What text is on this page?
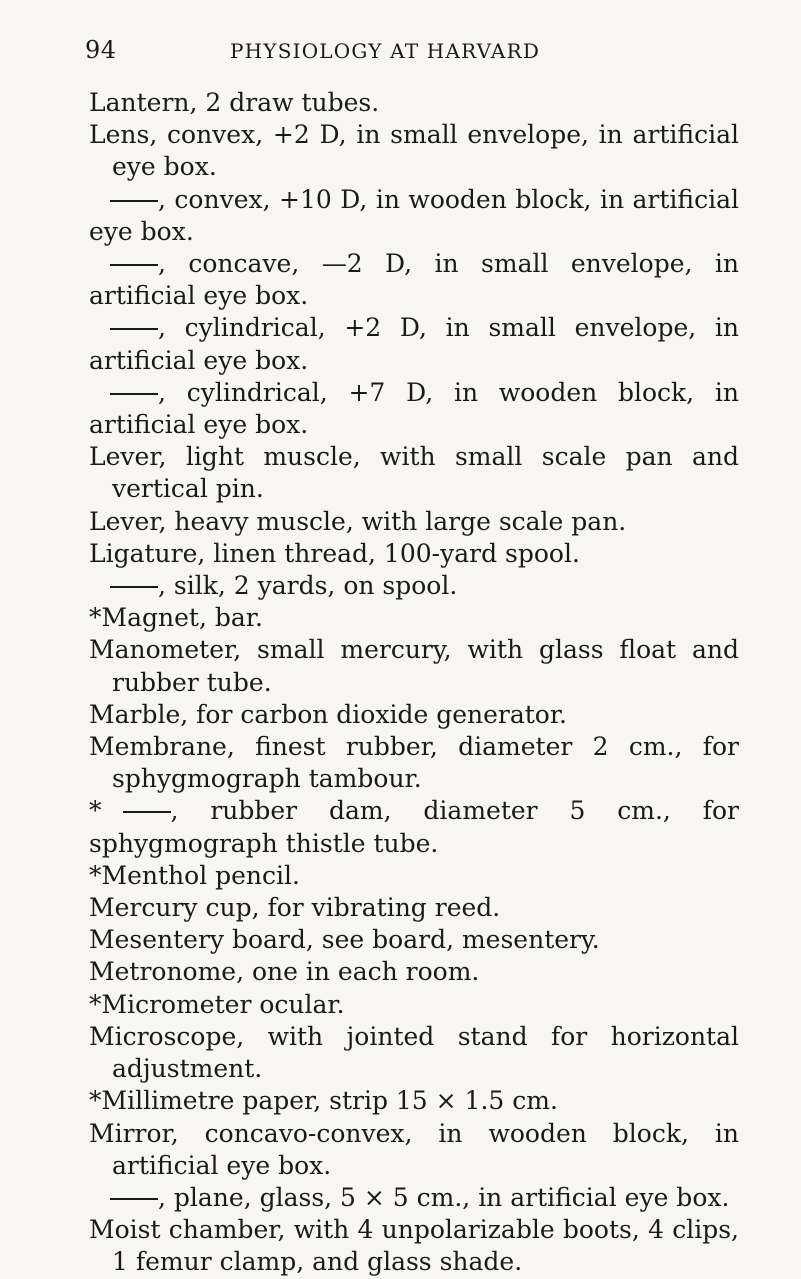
94	PHYSIOLOGY AT HARVARD

Lantern, 2 draw tubes.

Lens, convex, +2 D, in small envelope, in artificial eye box.

, convex, +10 D, in wooden block, in artificial eye box.

, concave, —2 D, in small envelope, in artificial eye box.

, cylindrical, +2 D, in small envelope, in artificial eye box.

, cylindrical, +7 D, in wooden block, in artificial eye box.

Lever, light muscle, with small scale pan and vertical pin.

Lever, heavy muscle, with large scale pan.

Ligature, linen thread, 100-yard spool.

, silk, 2 yards, on spool.

*Magnet, bar.

Manometer, small mercury, with glass float and rubber tube.

Marble, for carbon dioxide generator.

Membrane, finest rubber, diameter 2 cm., for sphygmograph tambour.

*	, rubber dam, diameter 5 cm., for sphygmograph thistle tube.

*Menthol pencil.

Mercury cup, for vibrating reed.

Mesentery board, see board, mesentery.

Metronome, one in each room.

*Micrometer ocular.

Microscope, with jointed stand for horizontal adjustment.

*Millimetre paper, strip 15 × 1.5 cm.

Mirror, concavo-convex, in wooden block, in artificial eye box.

, plane, glass, 5 × 5 cm., in artificial eye box.

Moist chamber, with 4 unpolarizable boots, 4 clips, 1 femur clamp, and glass shade.
